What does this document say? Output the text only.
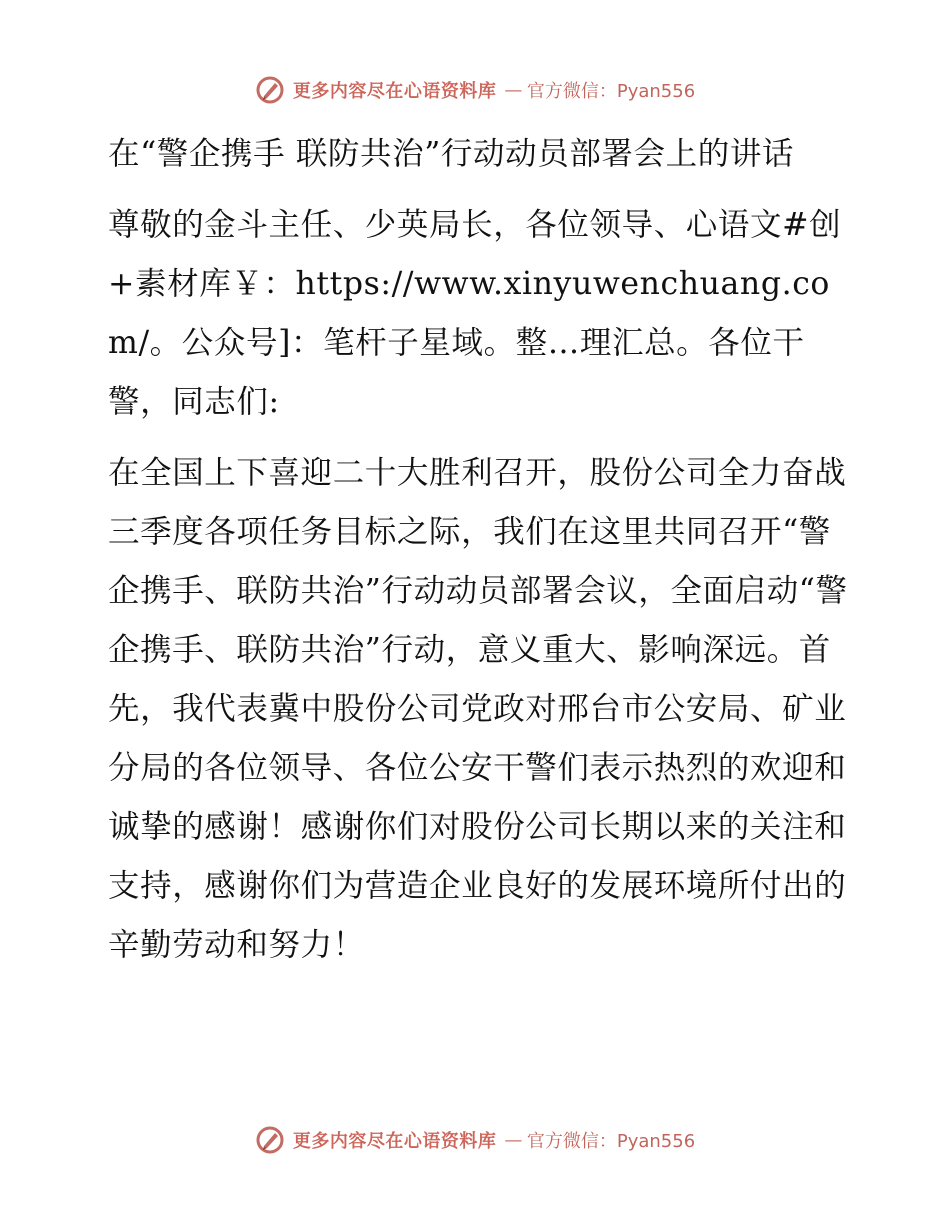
更多内容尽在心语资料库 — 官方微信：Pyan556

在“警企携手 联防共治”行动动员部署会上的讲话

尊敬的金斗主任、少英局长，各位领导、心语文#创+素材库￥：https://www.xinyuwenchuang.com/。公众号]：笔杆子星域。整…理汇总。各位干警，同志们:

在全国上下喜迎二十大胜利召开，股份公司全力奋战三季度各项任务目标之际，我们在这里共同召开“警企携手、联防共治”行动动员部署会议，全面启动“警企携手、联防共治”行动，意义重大、影响深远。首先，我代表冀中股份公司党政对邢台市公安局、矿业分局的各位领导、各位公安干警们表示热烈的欢迎和诚挚的感谢！感谢你们对股份公司长期以来的关注和支持，感谢你们为营造企业良好的发展环境所付出的辛勤劳动和努力！

更多内容尽在心语资料库 — 官方微信：Pyan556
